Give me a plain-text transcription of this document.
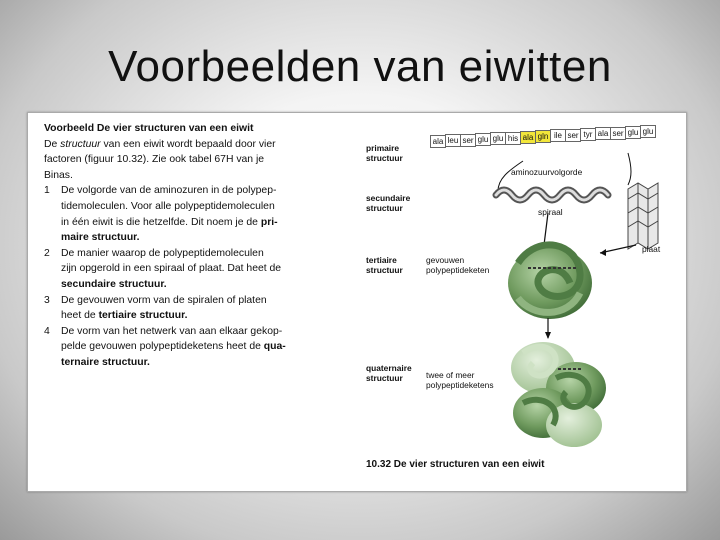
Voorbeelden van eiwitten
Voorbeeld De vier structuren van een eiwit
De structuur van een eiwit wordt bepaald door vier
factoren (figuur 10.32). Zie ook tabel 67H van je
Binas.
1 De volgorde van de aminozuren in de polypep-
tidemoleculen. Voor alle polypeptidemoleculen
in één eiwit is die hetzelfde. Dit noem je de pri-
maire structuur.
2 De manier waarop de polypeptidemoleculen
zijn opgerold in een spiraal of plaat. Dat heet de
secundaire structuur.
3 De gevouwen vorm van de spiralen of platen
heet de tertiaire structuur.
4 De vorm van het netwerk van aan elkaar gekop-
pelde gevouwen polypeptideketens heet de qua-
ternaire structuur.
ala leu ser glu glu his ala gln ile ser tyr ala ser glu glu
primaire
structuur
aminozuurvolgorde
secundaire
structuur	spiraal
plaat
tertiaire
structuur
gevouwen
polypeptideketen
quaternaire
structuur	twee of meer
polypeptideketens
10.32 De vier structuren van een eiwit
